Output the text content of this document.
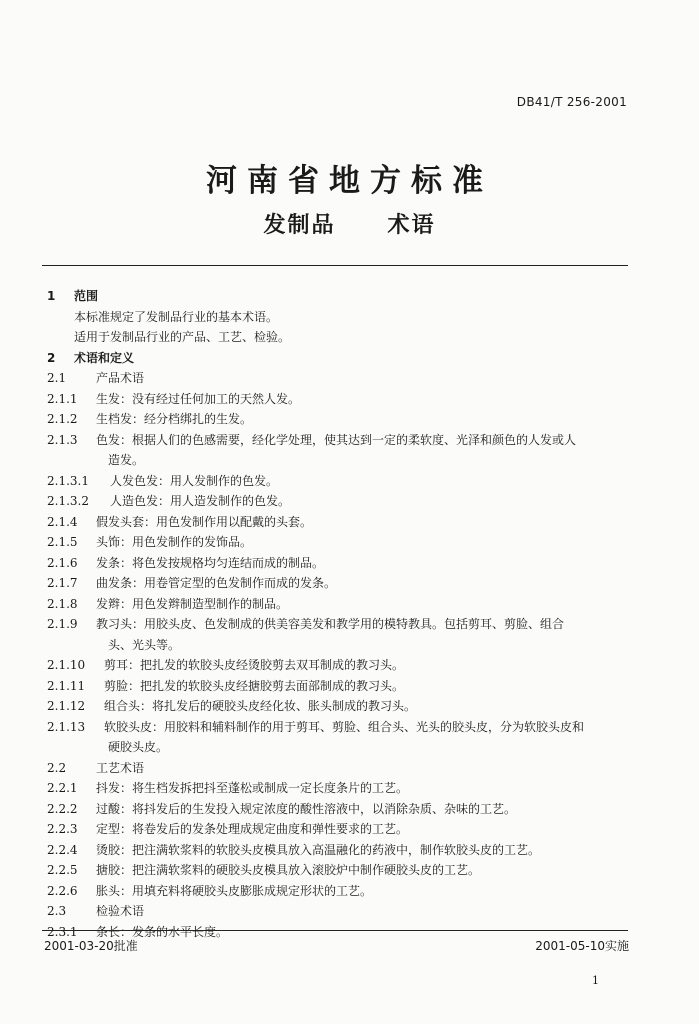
DB41/T 256-2001
河南省地方标准
发制品 术语
1 范围
本标准规定了发制品行业的基本术语。
适用于发制品行业的产品、工艺、检验。
2 术语和定义
2.1 产品术语
2.1.1 生发：没有经过任何加工的天然人发。
2.1.2 生档发：经分档绑扎的生发。
2.1.3 色发：根据人们的色感需要，经化学处理，使其达到一定的柔软度、光泽和颜色的人发或人
造发。
2.1.3.1 人发色发：用人发制作的色发。
2.1.3.2 人造色发：用人造发制作的色发。
2.1.4 假发头套：用色发制作用以配戴的头套。
2.1.5 头饰：用色发制作的发饰品。
2.1.6 发条：将色发按规格均匀连结而成的制品。
2.1.7 曲发条：用卷管定型的色发制作而成的发条。
2.1.8 发辫：用色发辫制造型制作的制品。
2.1.9 教习头：用胶头皮、色发制成的供美容美发和教学用的模特教具。包括剪耳、剪脸、组合
头、光头等。
2.1.10 剪耳：把扎发的软胶头皮经烫胶剪去双耳制成的教习头。
2.1.11 剪脸：把扎发的软胶头皮经搪胶剪去面部制成的教习头。
2.1.12 组合头：将扎发后的硬胶头皮经化妆、胀头制成的教习头。
2.1.13 软胶头皮：用胶料和辅料制作的用于剪耳、剪脸、组合头、光头的胶头皮，分为软胶头皮和
硬胶头皮。
2.2 工艺术语
2.2.1 抖发：将生档发拆把抖至蓬松或制成一定长度条片的工艺。
2.2.2 过酸：将抖发后的生发投入规定浓度的酸性溶液中，以消除杂质、杂味的工艺。
2.2.3 定型：将卷发后的发条处理成规定曲度和弹性要求的工艺。
2.2.4 烫胶：把注满软浆料的软胶头皮模具放入高温融化的药液中，制作软胶头皮的工艺。
2.2.5 搪胶：把注满软浆料的硬胶头皮模具放入滚胶炉中制作硬胶头皮的工艺。
2.2.6 胀头：用填充料将硬胶头皮膨胀成规定形状的工艺。
2.3 检验术语
2.3.1 条长：发条的水平长度。
2001-03-20批准	2001-05-10实施
1
